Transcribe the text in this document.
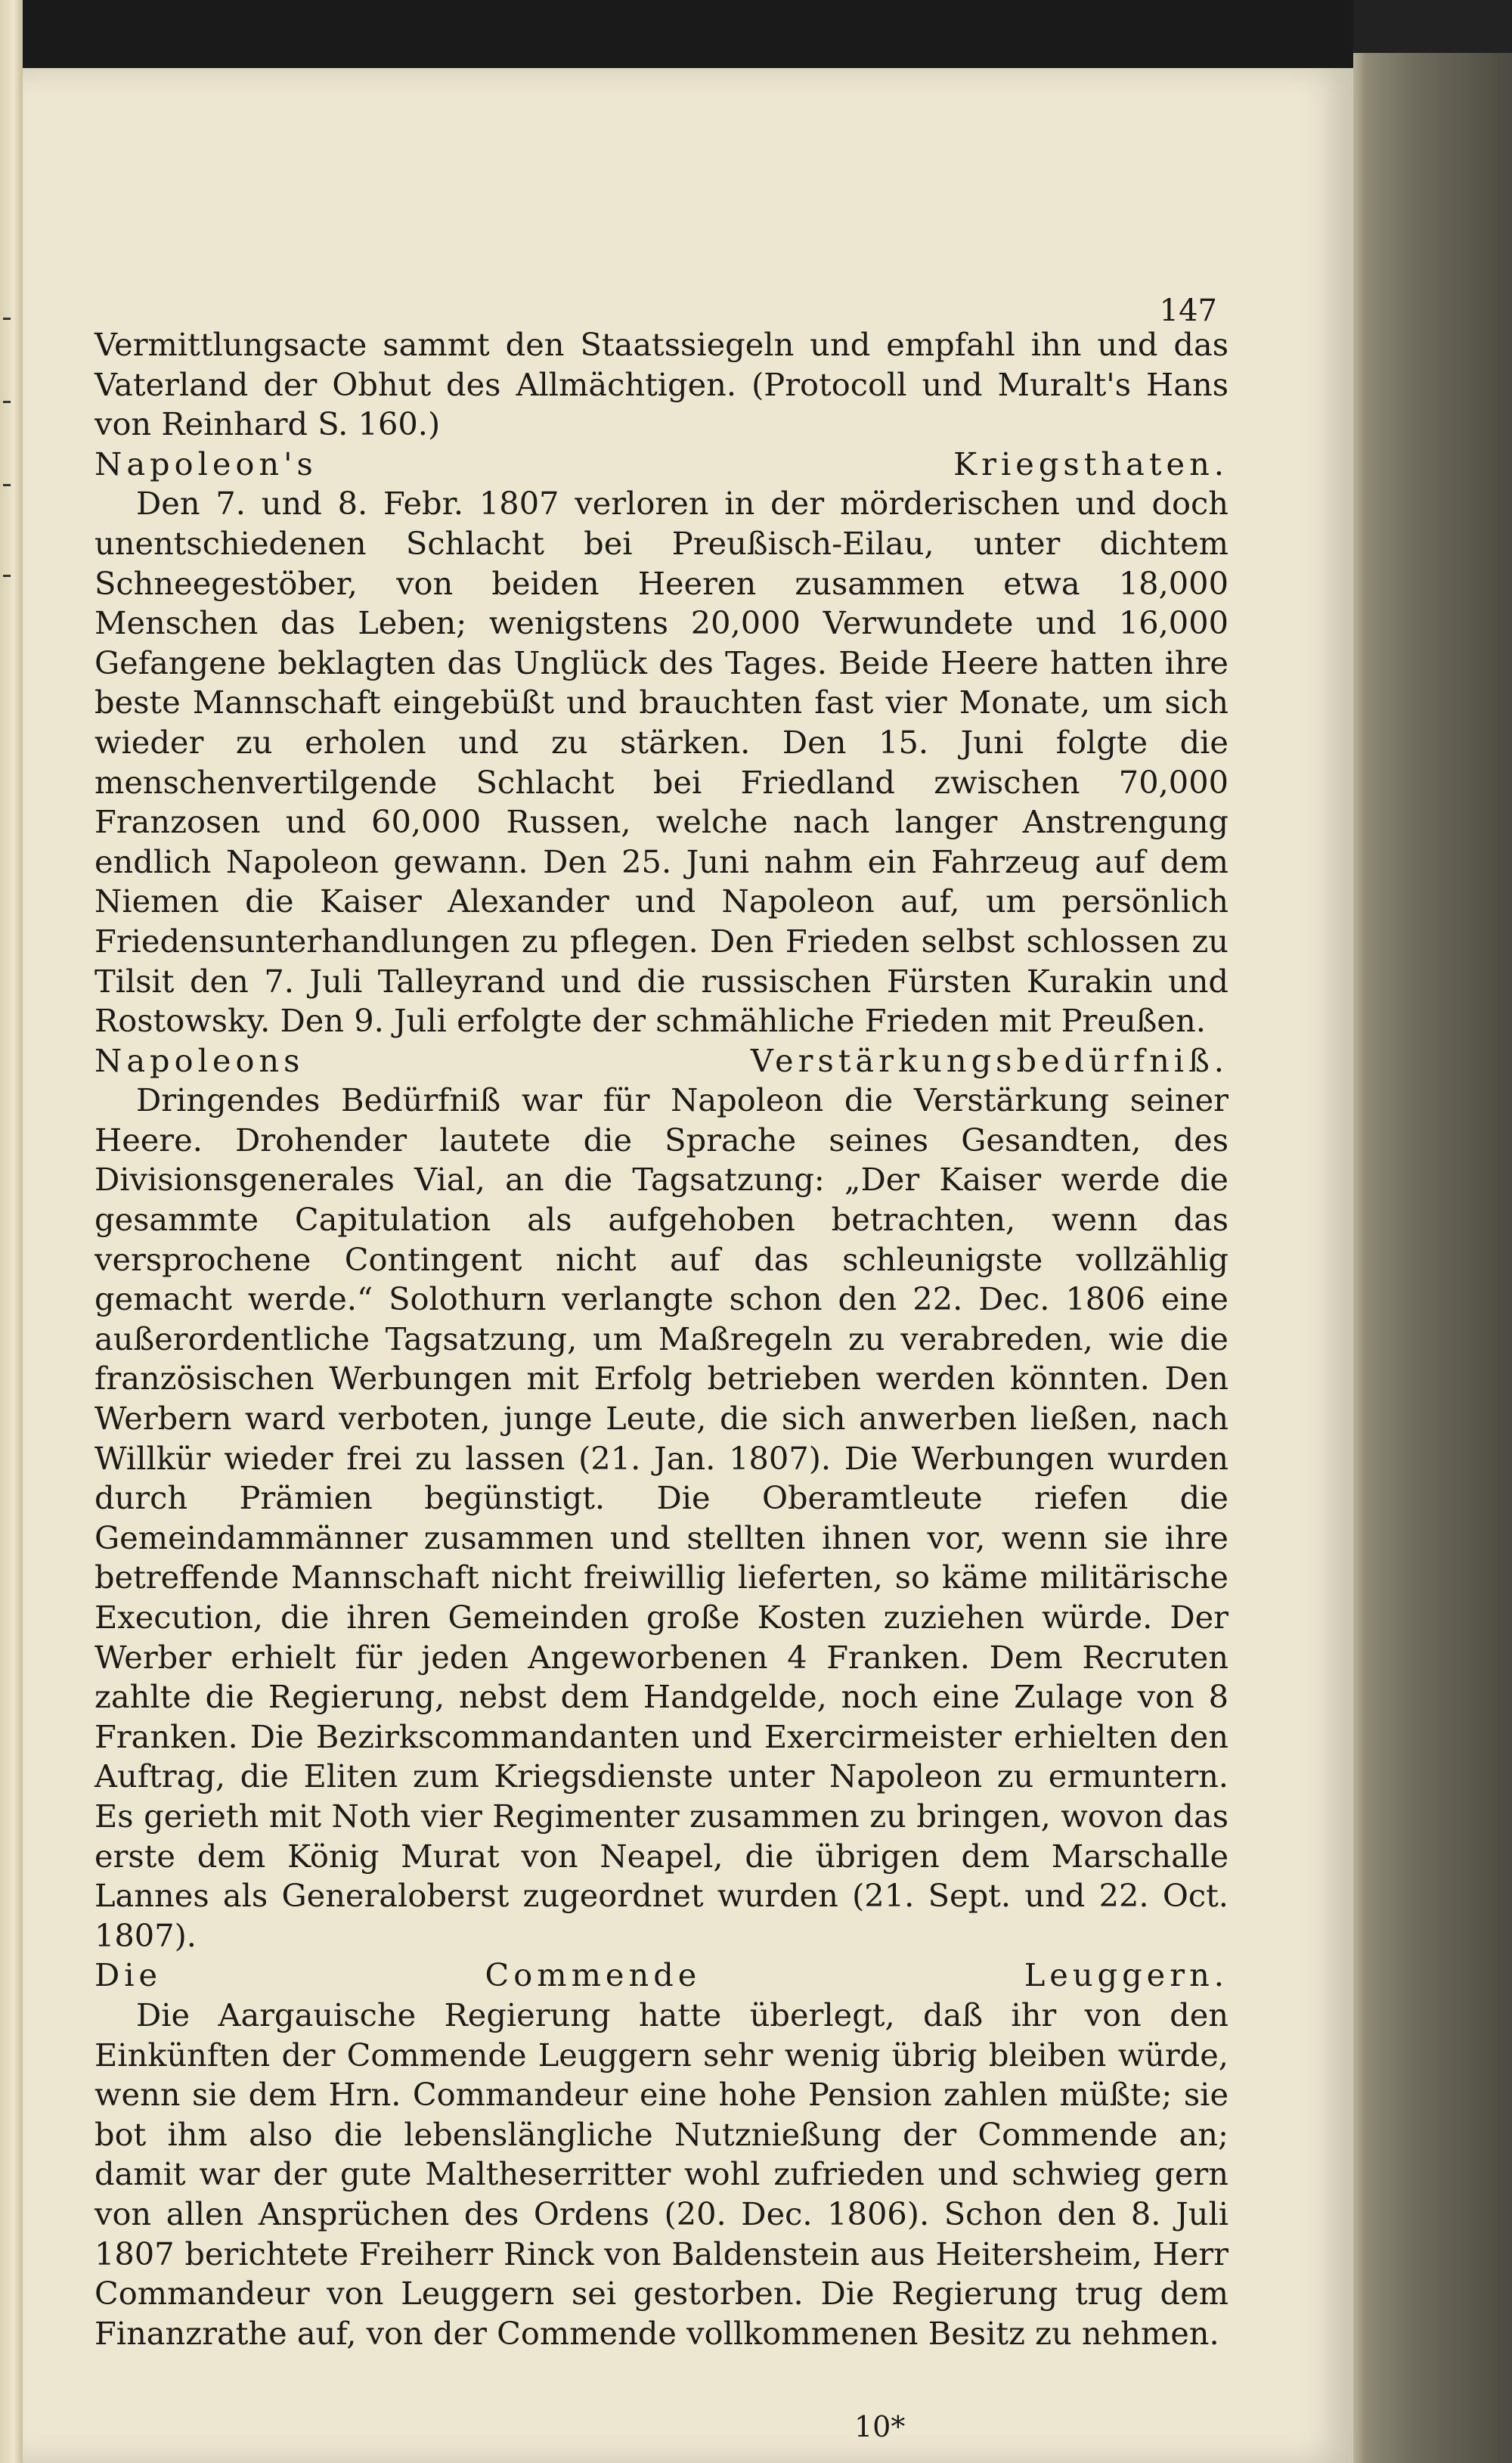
147

Vermittlungsacte sammt den Staatssiegeln und empfahl ihn und das Vaterland der Obhut des Allmächtigen. (Protocoll und Muralt's Hans von Reinhard S. 160.)

Napoleon's Kriegsthaten.

Den 7. und 8. Febr. 1807 verloren in der mörderischen und doch unentschiedenen Schlacht bei Preußisch-Eilau, unter dichtem Schneegestöber, von beiden Heeren zusammen etwa 18,000 Menschen das Leben; wenigstens 20,000 Verwundete und 16,000 Gefangene beklagten das Unglück des Tages. Beide Heere hatten ihre beste Mannschaft eingebüßt und brauchten fast vier Monate, um sich wieder zu erholen und zu stärken. Den 15. Juni folgte die menschenvertilgende Schlacht bei Friedland zwischen 70,000 Franzosen und 60,000 Russen, welche nach langer Anstrengung endlich Napoleon gewann. Den 25. Juni nahm ein Fahrzeug auf dem Niemen die Kaiser Alexander und Napoleon auf, um persönlich Friedensunterhandlungen zu pflegen. Den Frieden selbst schlossen zu Tilsit den 7. Juli Talleyrand und die russischen Fürsten Kurakin und Rostowsky. Den 9. Juli erfolgte der schmähliche Frieden mit Preußen.

Napoleons Verstärkungsbedürfniß.

Dringendes Bedürfniß war für Napoleon die Verstärkung seiner Heere. Drohender lautete die Sprache seines Gesandten, des Divisionsgenerales Vial, an die Tagsatzung: „Der Kaiser werde die gesammte Capitulation als aufgehoben betrachten, wenn das versprochene Contingent nicht auf das schleunigste vollzählig gemacht werde.“ Solothurn verlangte schon den 22. Dec. 1806 eine außerordentliche Tagsatzung, um Maßregeln zu verabreden, wie die französischen Werbungen mit Erfolg betrieben werden könnten. Den Werbern ward verboten, junge Leute, die sich anwerben ließen, nach Willkür wieder frei zu lassen (21. Jan. 1807). Die Werbungen wurden durch Prämien begünstigt. Die Oberamtleute riefen die Gemeindammänner zusammen und stellten ihnen vor, wenn sie ihre betreffende Mannschaft nicht freiwillig lieferten, so käme militärische Execution, die ihren Gemeinden große Kosten zuziehen würde. Der Werber erhielt für jeden Angeworbenen 4 Franken. Dem Recruten zahlte die Regierung, nebst dem Handgelde, noch eine Zulage von 8 Franken. Die Bezirkscommandanten und Exercirmeister erhielten den Auftrag, die Eliten zum Kriegsdienste unter Napoleon zu ermuntern. Es gerieth mit Noth vier Regimenter zusammen zu bringen, wovon das erste dem König Murat von Neapel, die übrigen dem Marschalle Lannes als Generaloberst zugeordnet wurden (21. Sept. und 22. Oct. 1807).

Die Commende Leuggern.

Die Aargauische Regierung hatte überlegt, daß ihr von den Einkünften der Commende Leuggern sehr wenig übrig bleiben würde, wenn sie dem Hrn. Commandeur eine hohe Pension zahlen müßte; sie bot ihm also die lebenslängliche Nutznießung der Commende an; damit war der gute Maltheserritter wohl zufrieden und schwieg gern von allen Ansprüchen des Ordens (20. Dec. 1806). Schon den 8. Juli 1807 berichtete Freiherr Rinck von Baldenstein aus Heitersheim, Herr Commandeur von Leuggern sei gestorben. Die Regierung trug dem Finanzrathe auf, von der Commende vollkommenen Besitz zu nehmen.

10*
